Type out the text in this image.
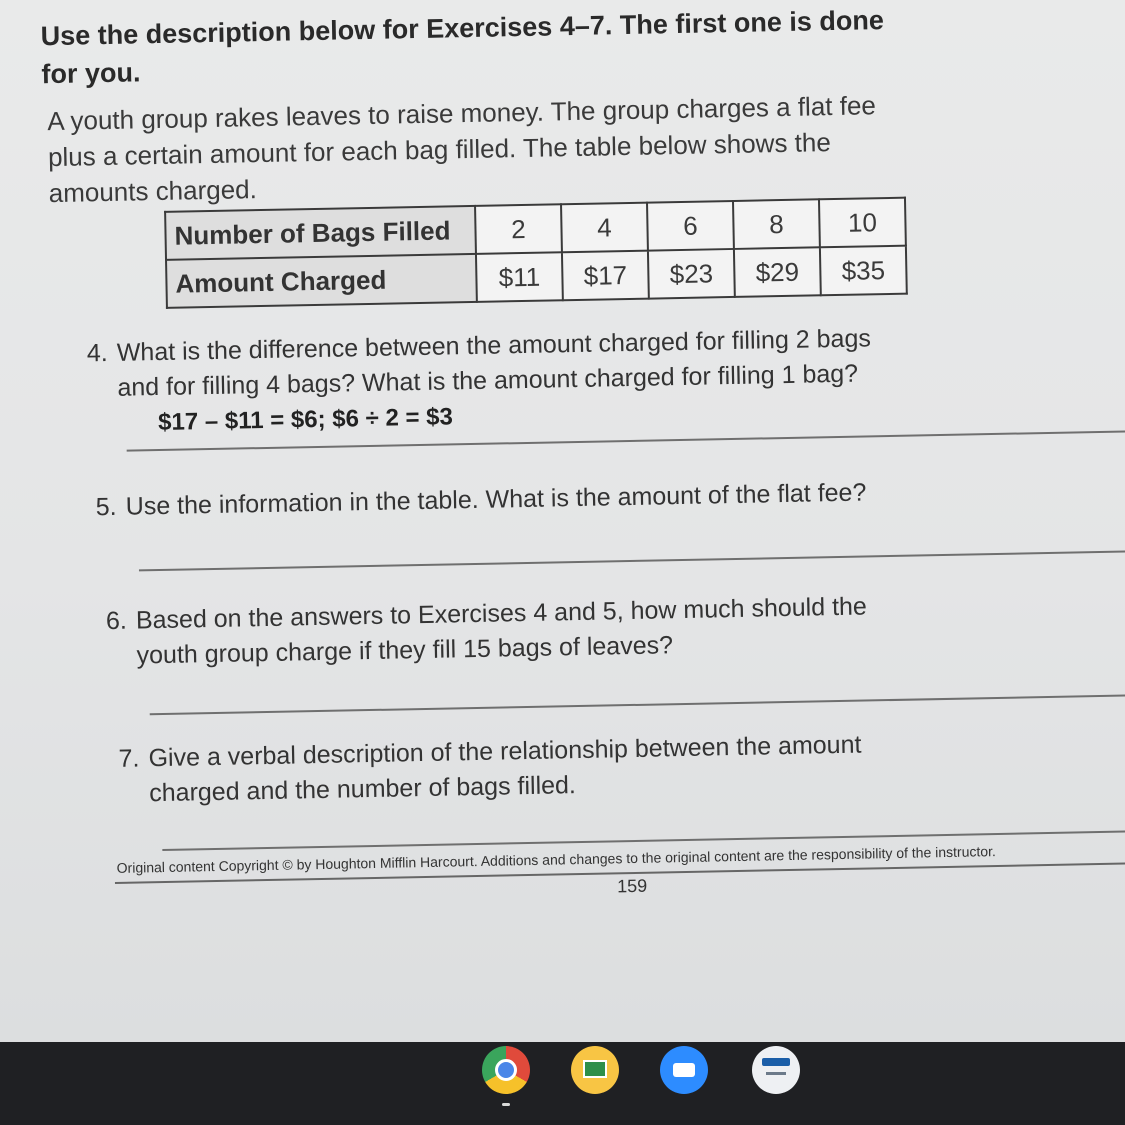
Use the description below for Exercises 4–7. The first one is done for you.
A youth group rakes leaves to raise money. The group charges a flat fee plus a certain amount for each bag filled. The table below shows the amounts charged.
Number of Bags Filled	2	4	6	8	10
Amount Charged	$11	$17	$23	$29	$35
4. What is the difference between the amount charged for filling 2 bags
and for filling 4 bags? What is the amount charged for filling 1 bag?
$17 – $11 = $6; $6 ÷ 2 = $3
5. Use the information in the table. What is the amount of the flat fee?
6. Based on the answers to Exercises 4 and 5, how much should the
youth group charge if they fill 15 bags of leaves?
7. Give a verbal description of the relationship between the amount
charged and the number of bags filled.
Original content Copyright © by Houghton Mifflin Harcourt. Additions and changes to the original content are the responsibility of the instructor.
159
